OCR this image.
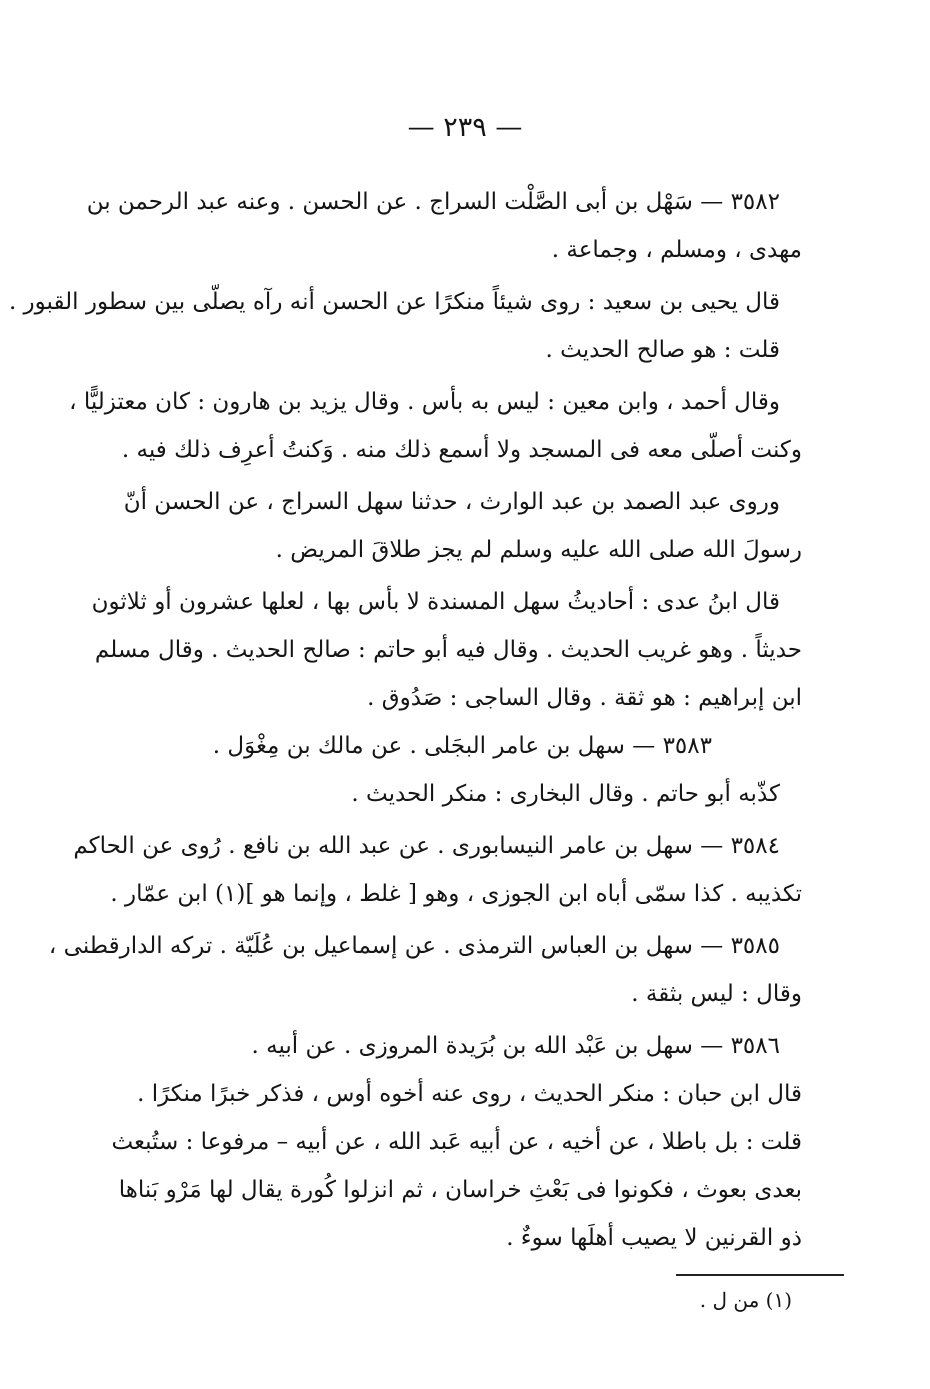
— ٢٣٩ —
٣٥٨٢ — سَهْل بن أبى الصَّلْت السراج . عن الحسن . وعنه عبد الرحمن بن
مهدى ، ومسلم ، وجماعة .
قال يحيى بن سعيد : روى شيئاً منكرًا عن الحسن أنه رآه يصلّى بين سطور القبور .
قلت : هو صالح الحديث .
وقال أحمد ، وابن معين : ليس به بأس . وقال يزيد بن هارون : كان معتزليًّا ،
وكنت أصلّى معه فى المسجد ولا أسمع ذلك منه . وَكنتُ أعرِف ذلك فيه .
وروى عبد الصمد بن عبد الوارث ، حدثنا سهل السراج ، عن الحسن أنّ
رسولَ الله صلى الله عليه وسلم لم يجز طلاقَ المريض .
قال ابنُ عدى : أحاديثُ سهل المسندة لا بأس بها ، لعلها عشرون أو ثلاثون
حديثاً . وهو غريب الحديث . وقال فيه أبو حاتم : صالح الحديث . وقال مسلم
ابن إبراهيم : هو ثقة . وقال الساجى : صَدُوق .
٣٥٨٣ — سهل بن عامر البجَلى . عن مالك بن مِغْوَل .
كذّبه أبو حاتم . وقال البخارى : منكر الحديث .
٣٥٨٤ — سهل بن عامر النيسابورى . عن عبد الله بن نافع . رُوى عن الحاكم
تكذيبه . كذا سمّى أباه ابن الجوزى ، وهو [ غلط ، وإنما هو ](١) ابن عمّار .
٣٥٨٥ — سهل بن العباس الترمذى . عن إسماعيل بن عُلَيّة . تركه الدارقطنى ،
وقال : ليس بثقة .
٣٥٨٦ — سهل بن عَبْد الله بن بُرَيدة المروزى . عن أبيه .
قال ابن حبان : منكر الحديث ، روى عنه أخوه أوس ، فذكر خبرًا منكرًا .
قلت : بل باطلا ، عن أخيه ، عن أبيه عَبد الله ، عن أبيه – مرفوعا : ستُبعث
بعدى بعوث ، فكونوا فى بَعْثِ خراسان ، ثم انزلوا كُورة يقال لها مَرْو بَناها
ذو القرنين لا يصيب أهلَها سوءٌ .
(١) من ل .
